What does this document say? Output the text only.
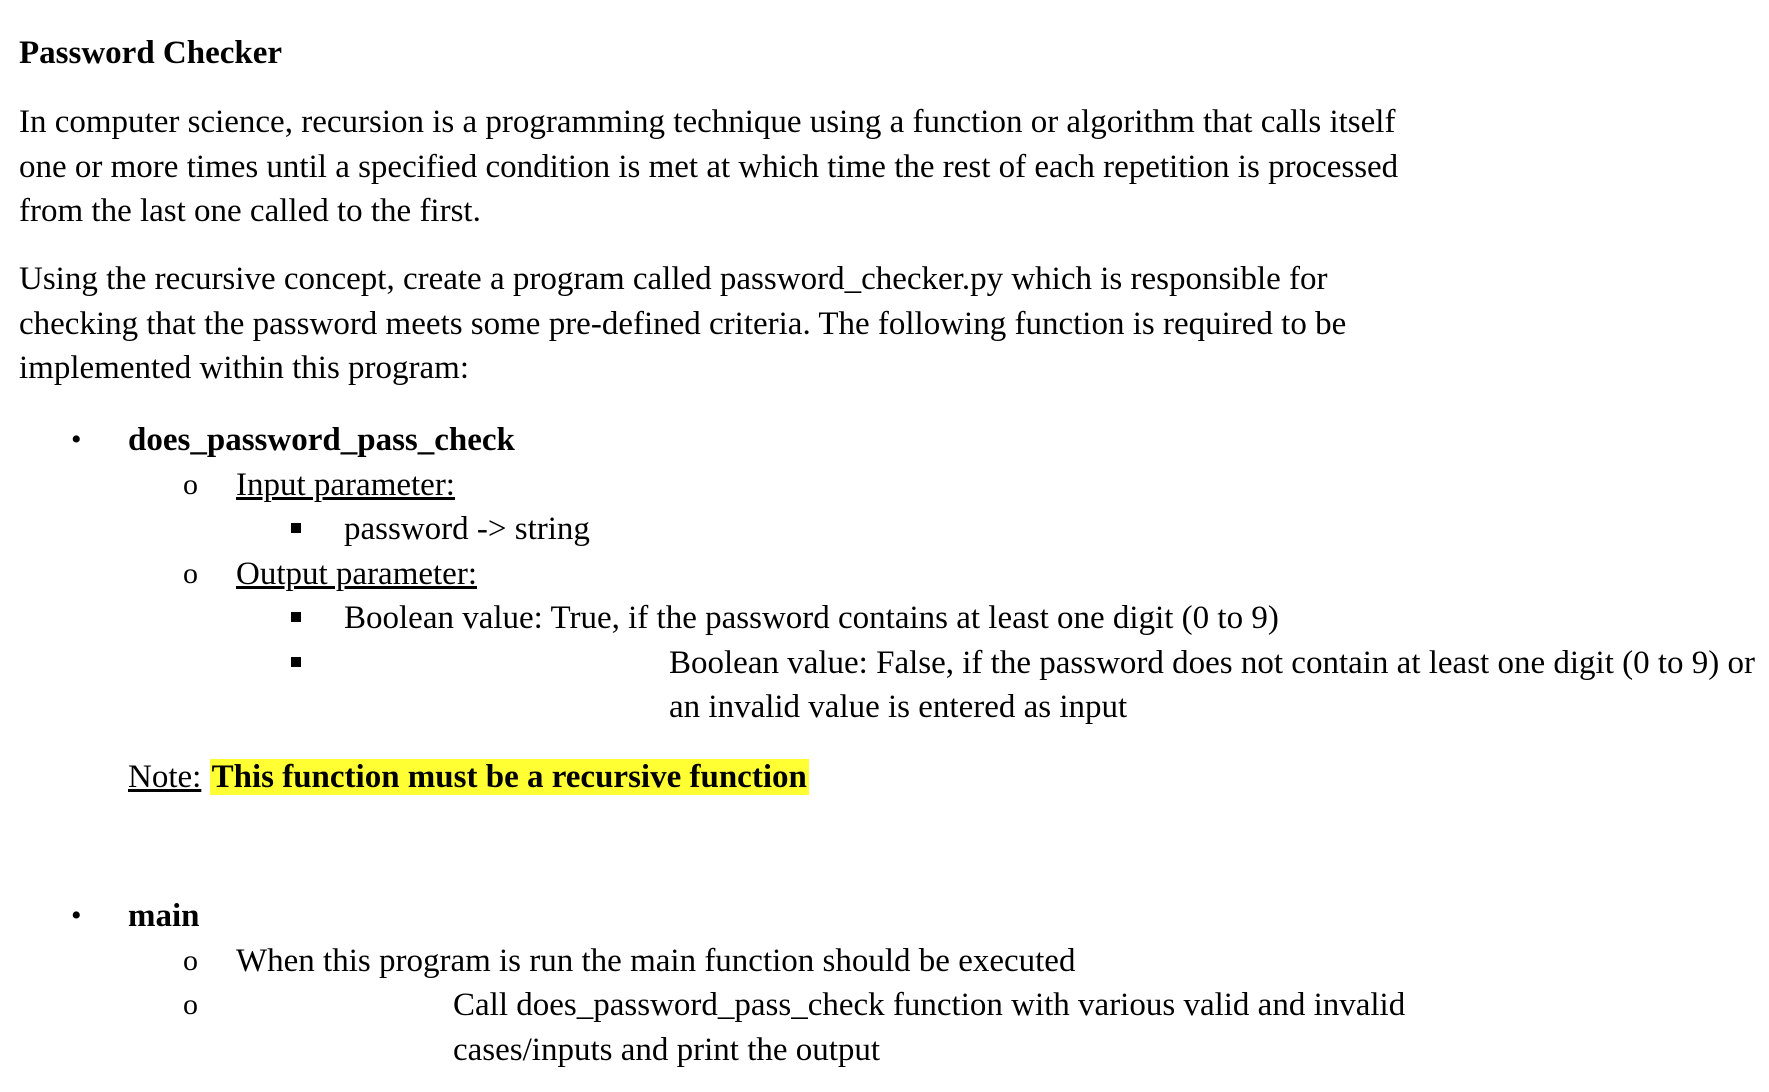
Password Checker
In computer science, recursion is a programming technique using a function or algorithm that calls itself one or more times until a specified condition is met at which time the rest of each repetition is processed from the last one called to the first.
Using the recursive concept, create a program called password_checker.py which is responsible for checking that the password meets some pre-defined criteria. The following function is required to be implemented within this program:
• does_password_pass_check
o Input parameter:
password -> string
o Output parameter:
Boolean value: True, if the password contains at least one digit (0 to 9)
Boolean value: False, if the password does not contain at least one digit (0 to 9) or an invalid value is entered as input
Note: This function must be a recursive function
• main
o When this program is run the main function should be executed
o	Call does_password_pass_check function with various valid and invalid cases/inputs and print the output
